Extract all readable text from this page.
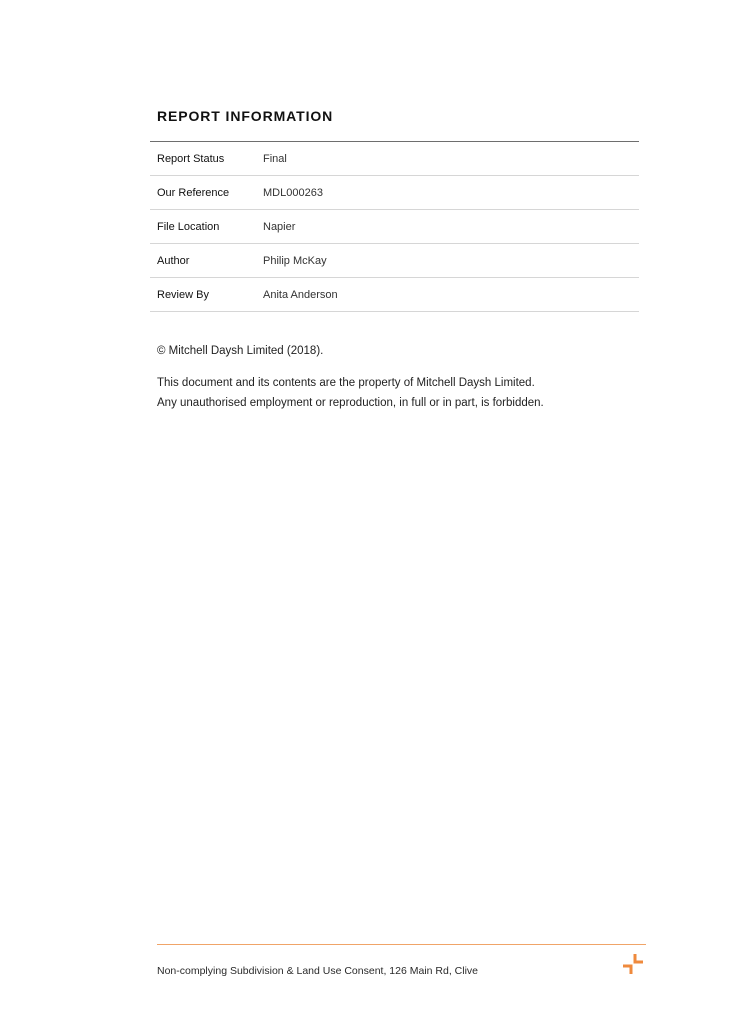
REPORT INFORMATION
Report Status	Final
Our Reference	MDL000263
File Location	Napier
Author	Philip McKay
Review By	Anita Anderson

© Mitchell Daysh Limited (2018).

This document and its contents are the property of Mitchell Daysh Limited.
Any unauthorised employment or reproduction, in full or in part, is forbidden.

Non-complying Subdivision & Land Use Consent, 126 Main Rd, Clive
